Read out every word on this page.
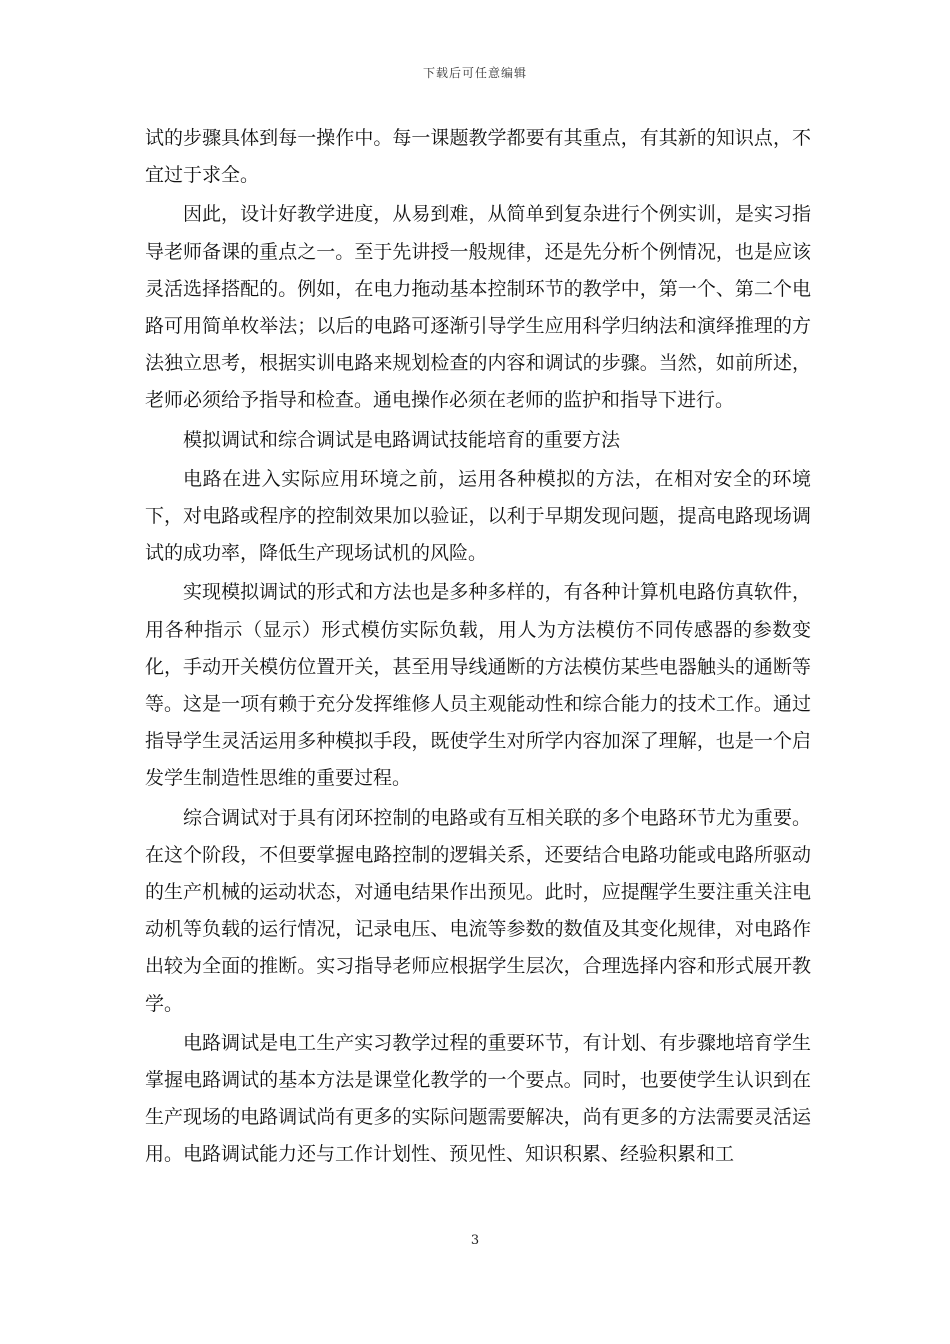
下载后可任意编辑

试的步骤具体到每一操作中。每一课题教学都要有其重点，有其新的知识点，不宜过于求全。

因此，设计好教学进度，从易到难，从简单到复杂进行个例实训，是实习指导老师备课的重点之一。至于先讲授一般规律，还是先分析个例情况，也是应该灵活选择搭配的。例如，在电力拖动基本控制环节的教学中，第一个、第二个电路可用简单枚举法；以后的电路可逐渐引导学生应用科学归纳法和演绎推理的方法独立思考，根据实训电路来规划检查的内容和调试的步骤。当然，如前所述，老师必须给予指导和检查。通电操作必须在老师的监护和指导下进行。

模拟调试和综合调试是电路调试技能培育的重要方法

电路在进入实际应用环境之前，运用各种模拟的方法，在相对安全的环境下，对电路或程序的控制效果加以验证，以利于早期发现问题，提高电路现场调试的成功率，降低生产现场试机的风险。

实现模拟调试的形式和方法也是多种多样的，有各种计算机电路仿真软件，用各种指示（显示）形式模仿实际负载，用人为方法模仿不同传感器的参数变化，手动开关模仿位置开关，甚至用导线通断的方法模仿某些电器触头的通断等等。这是一项有赖于充分发挥维修人员主观能动性和综合能力的技术工作。通过指导学生灵活运用多种模拟手段，既使学生对所学内容加深了理解，也是一个启发学生制造性思维的重要过程。

综合调试对于具有闭环控制的电路或有互相关联的多个电路环节尤为重要。在这个阶段，不但要掌握电路控制的逻辑关系，还要结合电路功能或电路所驱动的生产机械的运动状态，对通电结果作出预见。此时，应提醒学生要注重关注电动机等负载的运行情况，记录电压、电流等参数的数值及其变化规律，对电路作出较为全面的推断。实习指导老师应根据学生层次，合理选择内容和形式展开教学。

电路调试是电工生产实习教学过程的重要环节，有计划、有步骤地培育学生掌握电路调试的基本方法是课堂化教学的一个要点。同时，也要使学生认识到在生产现场的电路调试尚有更多的实际问题需要解决，尚有更多的方法需要灵活运用。电路调试能力还与工作计划性、预见性、知识积累、经验积累和工

3
